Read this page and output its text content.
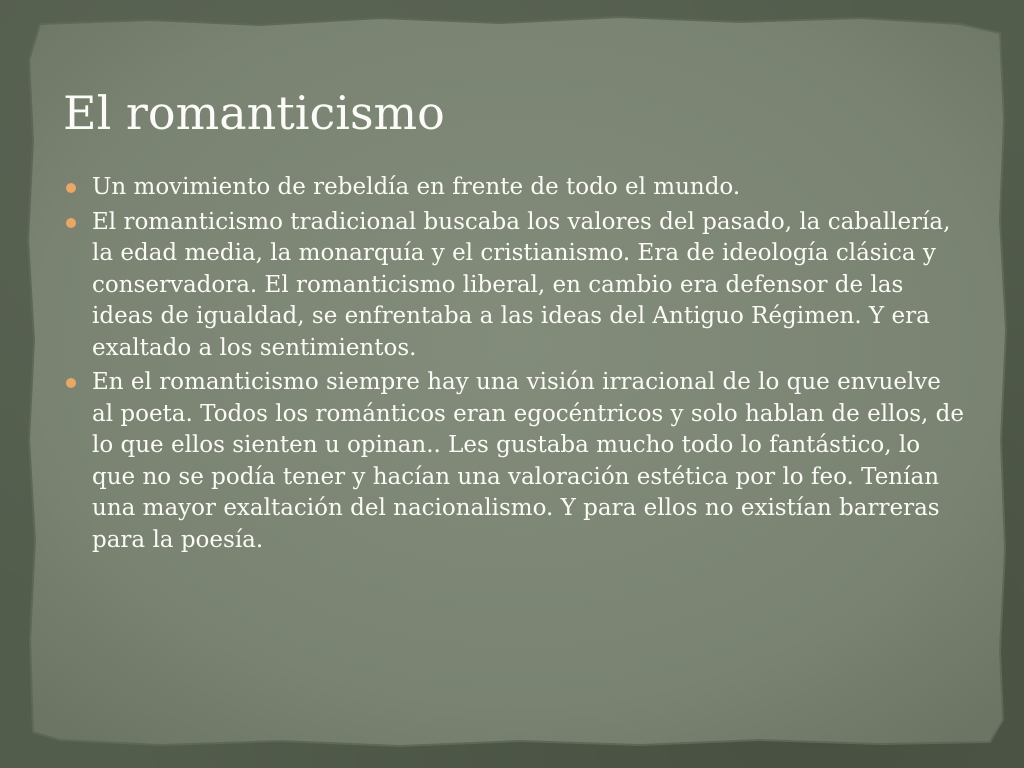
El romanticismo
Un movimiento de rebeldía en frente de todo el mundo.
El romanticismo tradicional buscaba los valores del pasado, la caballería, la edad media, la monarquía y el cristianismo. Era de ideología clásica y conservadora. El romanticismo liberal, en cambio era defensor de las ideas de igualdad, se enfrentaba a las ideas del Antiguo Régimen. Y era exaltado a los sentimientos.
En el romanticismo siempre hay una visión irracional de lo que envuelve al poeta. Todos los románticos eran egocéntricos y solo hablan de ellos, de lo que ellos sienten u opinan.. Les gustaba mucho todo lo fantástico, lo que no se podía tener y hacían una valoración estética por lo feo. Tenían una mayor exaltación del nacionalismo. Y para ellos no existían barreras para la poesía.
